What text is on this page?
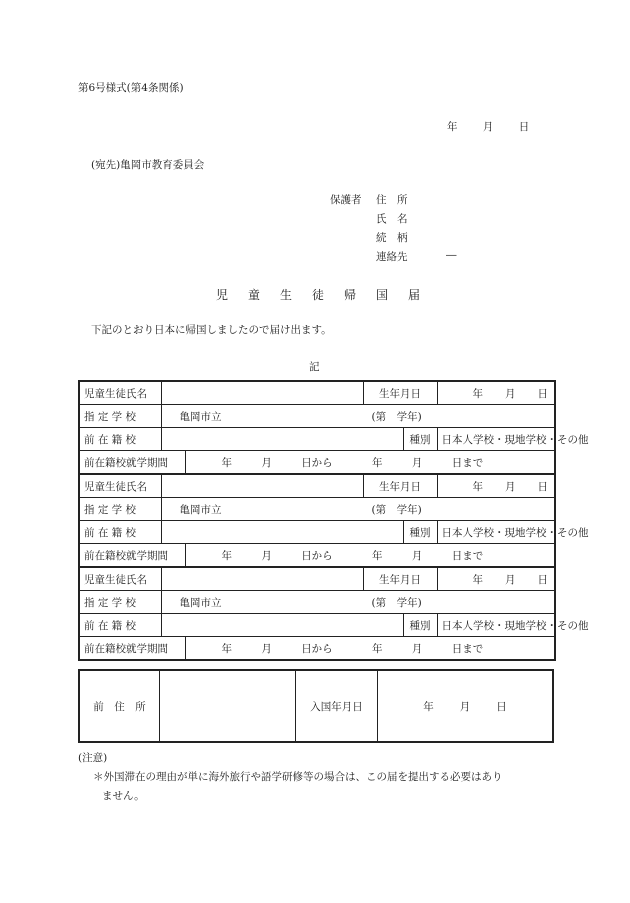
第6号様式(第4条関係)
年 月 日
(宛先)亀岡市教育委員会
保護者 住　所
氏　名
続　柄
連絡先	―
児　童　生　徒　帰　国　届
下記のとおり日本に帰国しましたので届け出ます。
記
児童生徒氏名			生年月日		年 月 日

指 定 学 校	亀岡市立 (第　学年)				
前 在 籍 校				種別	日本人学校・現地学校・その他
前在籍校就学期間		年 月 日から 年 月 日まで			
児童生徒氏名			生年月日		年 月 日

指 定 学 校	亀岡市立 (第　学年)				
前 在 籍 校				種別	日本人学校・現地学校・その他
前在籍校就学期間		年 月 日から 年 月 日まで			
児童生徒氏名			生年月日		年 月 日

指 定 学 校	亀岡市立 (第　学年)				
前 在 籍 校				種別	日本人学校・現地学校・その他
前在籍校就学期間		年 月 日から 年 月 日まで			
前　住　所	入国年月日	年 月 日
(注意)
＊外国滞在の理由が単に海外旅行や語学研修等の場合は、この届を提出する必要はあり
ません。
